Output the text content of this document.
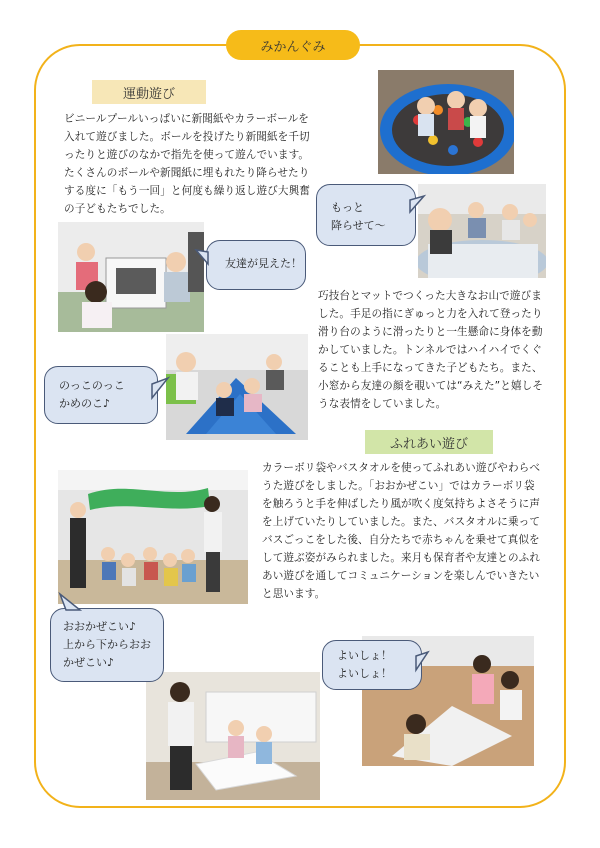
みかんぐみ
運動遊び

ビニールプールいっぱいに新聞紙やカラーボールを入れて遊びました。ボールを投げたり新聞紙を千切ったりと遊びのなかで指先を使って遊んでいます。たくさんのボールや新聞紙に埋もれたり降らせたりする度に「もう一回」と何度も繰り返し遊び大興奮の子どもたちでした。

巧技台とマットでつくった大きなお山で遊びました。手足の指にぎゅっと力を入れて登ったり滑り台のように滑ったりと一生懸命に身体を動かしていました。トンネルではハイハイでくぐることも上手になってきた子どもたち。また、小窓から友達の顔を覗いては“みえた”と嬉しそうな表情をしていました。

ふれあい遊び

カラーボリ袋やバスタオルを使ってふれあい遊びやわらべうた遊びをしました。「おおかぜこい」ではカラーボリ袋を触ろうと手を伸ばしたり風が吹く度気持ちよさそうに声を上げていたりしていました。また、バスタオルに乗ってバスごっこをした後、自分たちで赤ちゃんを乗せて真似をして遊ぶ姿がみられました。来月も保育者や友達とのふれあい遊びを通してコミュニケーションを楽しんでいきたいと思います。

もっと
降らせて～
友達が見えた！
のっこのっこ
かめのこ♪
おおかぜこい♪
上から下からおお
かぜこい♪
よいしょ！
よいしょ！
